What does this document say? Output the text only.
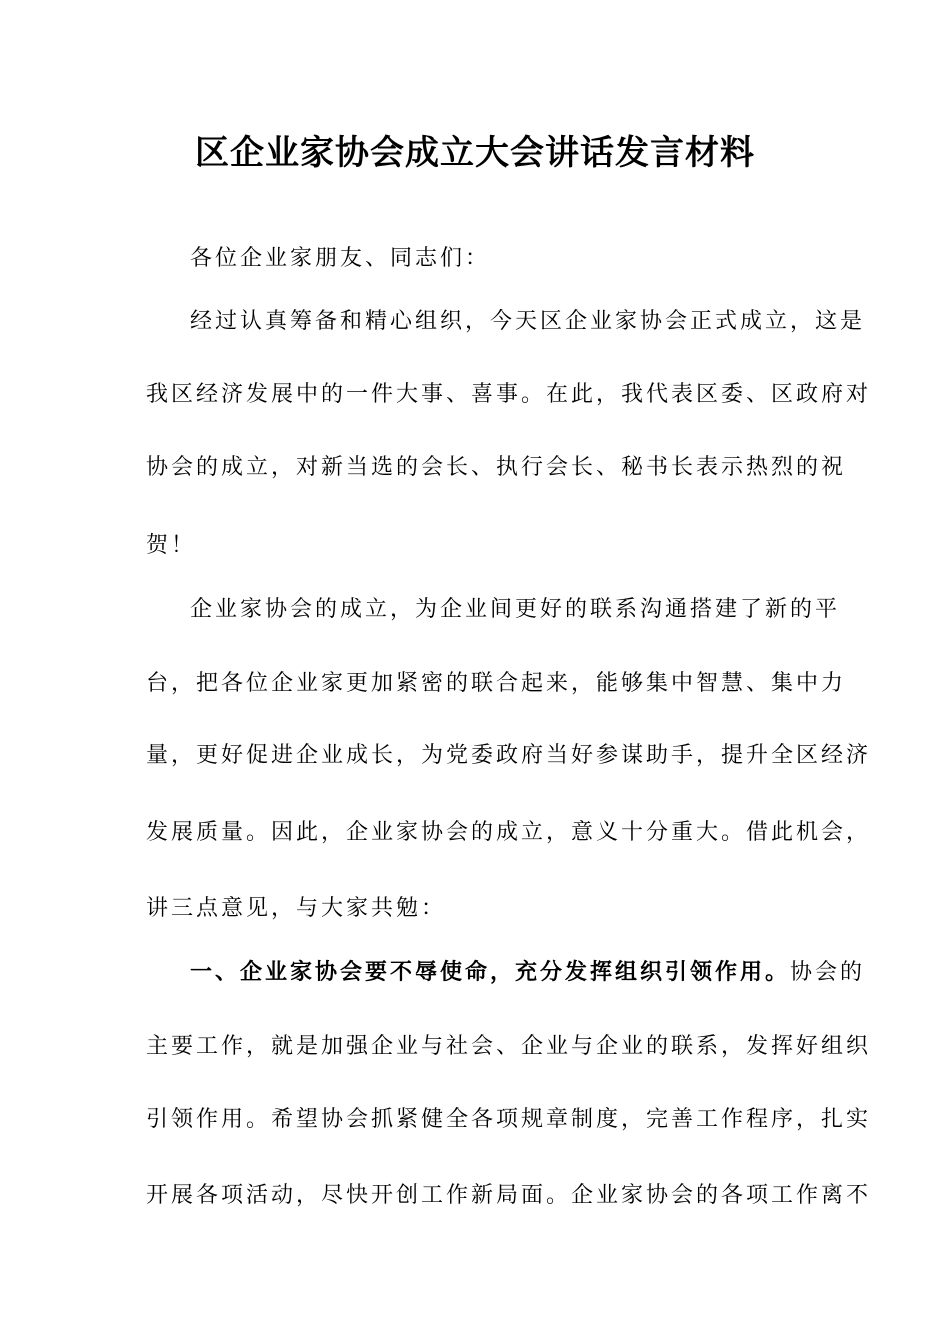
区企业家协会成立大会讲话发言材料
各位企业家朋友、同志们：
经过认真筹备和精心组织，今天区企业家协会正式成立，这是
我区经济发展中的一件大事、喜事。在此，我代表区委、区政府对
协会的成立，对新当选的会长、执行会长、秘书长表示热烈的祝
贺！
企业家协会的成立，为企业间更好的联系沟通搭建了新的平
台，把各位企业家更加紧密的联合起来，能够集中智慧、集中力
量，更好促进企业成长，为党委政府当好参谋助手，提升全区经济
发展质量。因此，企业家协会的成立，意义十分重大。借此机会，
讲三点意见，与大家共勉：
一、企业家协会要不辱使命，充分发挥组织引领作用。协会的
主要工作，就是加强企业与社会、企业与企业的联系，发挥好组织
引领作用。希望协会抓紧健全各项规章制度，完善工作程序，扎实
开展各项活动，尽快开创工作新局面。企业家协会的各项工作离不
